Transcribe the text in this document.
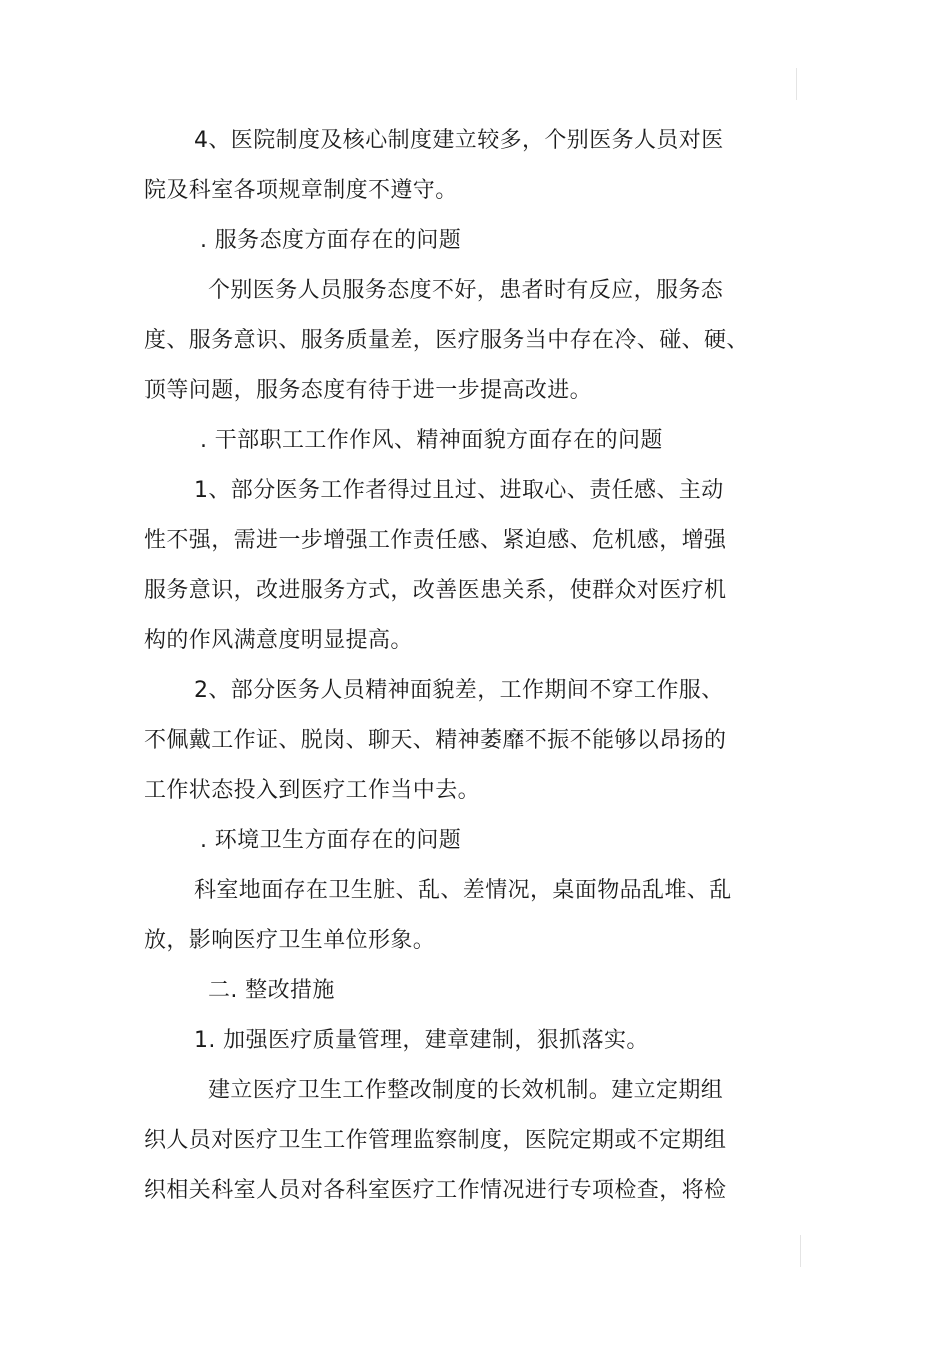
4、医院制度及核心制度建立较多，个别医务人员对医
院及科室各项规章制度不遵守。
. 服务态度方面存在的问题
个别医务人员服务态度不好，患者时有反应，服务态
度、服务意识、服务质量差，医疗服务当中存在冷、碰、硬、
顶等问题，服务态度有待于进一步提高改进。
. 干部职工工作作风、精神面貌方面存在的问题
1、部分医务工作者得过且过、进取心、责任感、主动
性不强，需进一步增强工作责任感、紧迫感、危机感，增强
服务意识，改进服务方式，改善医患关系，使群众对医疗机
构的作风满意度明显提高。
2、部分医务人员精神面貌差，工作期间不穿工作服、
不佩戴工作证、脱岗、聊天、精神萎靡不振不能够以昂扬的
工作状态投入到医疗工作当中去。
. 环境卫生方面存在的问题
科室地面存在卫生脏、乱、差情况，桌面物品乱堆、乱
放，影响医疗卫生单位形象。
二. 整改措施
1. 加强医疗质量管理，建章建制，狠抓落实。
建立医疗卫生工作整改制度的长效机制。建立定期组
织人员对医疗卫生工作管理监察制度，医院定期或不定期组
织相关科室人员对各科室医疗工作情况进行专项检查，将检
